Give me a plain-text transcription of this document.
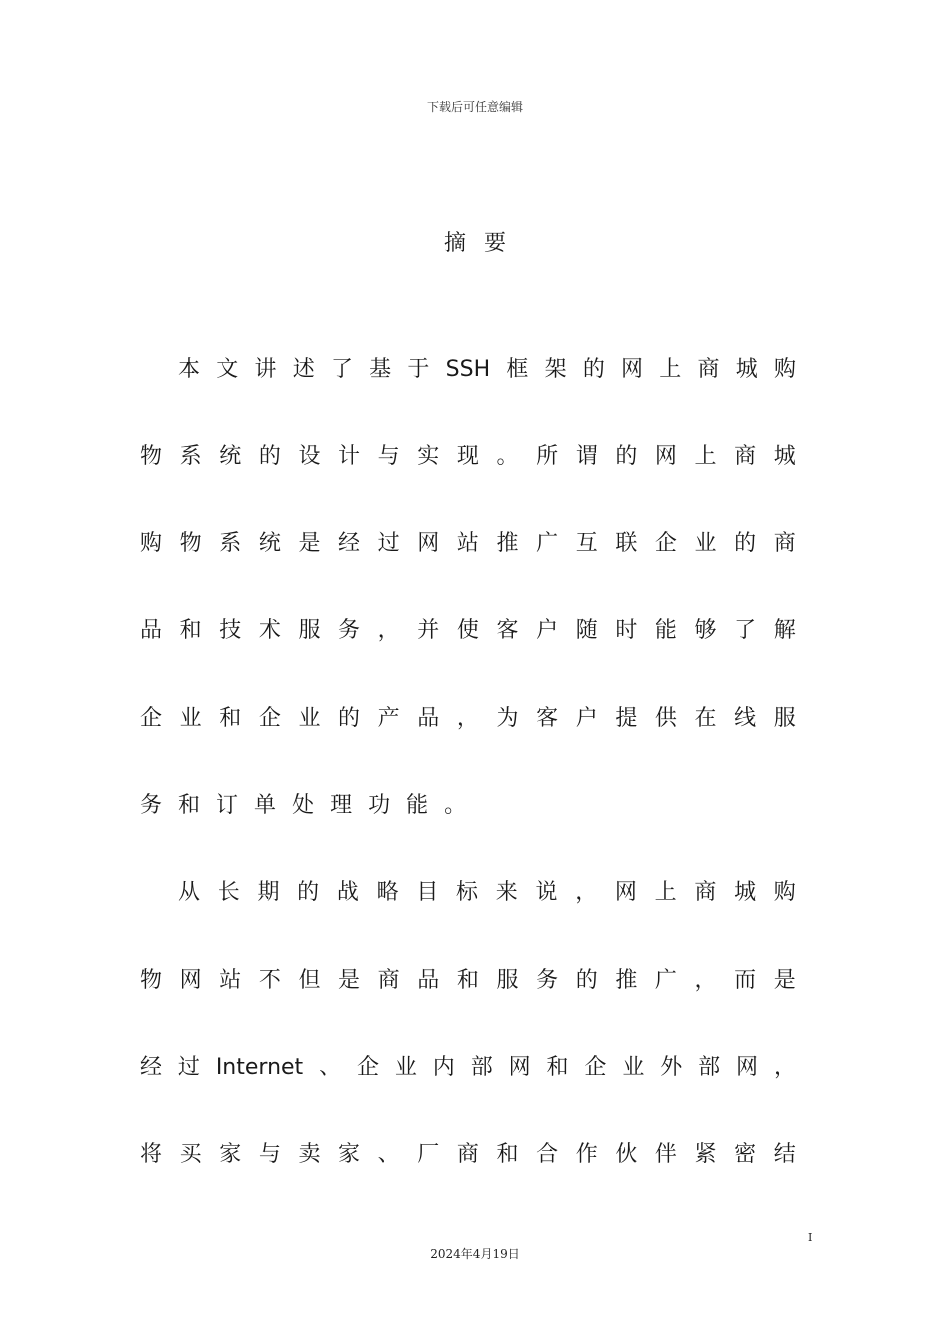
下载后可任意编辑
摘要
本 文 讲 述 了 基 于 SSH 框 架 的 网 上 商 城 购
物 系 统 的 设 计 与 实 现 。 所 谓 的 网 上 商 城
购 物 系 统 是 经 过 网 站 推 广 互 联 企 业 的 商
品 和 技 术 服 务 ， 并 使 客 户 随 时 能 够 了 解
企 业 和 企 业 的 产 品 ， 为 客 户 提 供 在 线 服
务 和 订 单 处 理 功 能 。
从 长 期 的 战 略 目 标 来 说 ， 网 上 商 城 购
物 网 站 不 但 是 商 品 和 服 务 的 推 广 ， 而 是
经 过 Internet 、 企 业 内 部 网 和 企 业 外 部 网 ，
将 买 家 与 卖 家 、 厂 商 和 合 作 伙 伴 紧 密 结
I
2024年4月19日
